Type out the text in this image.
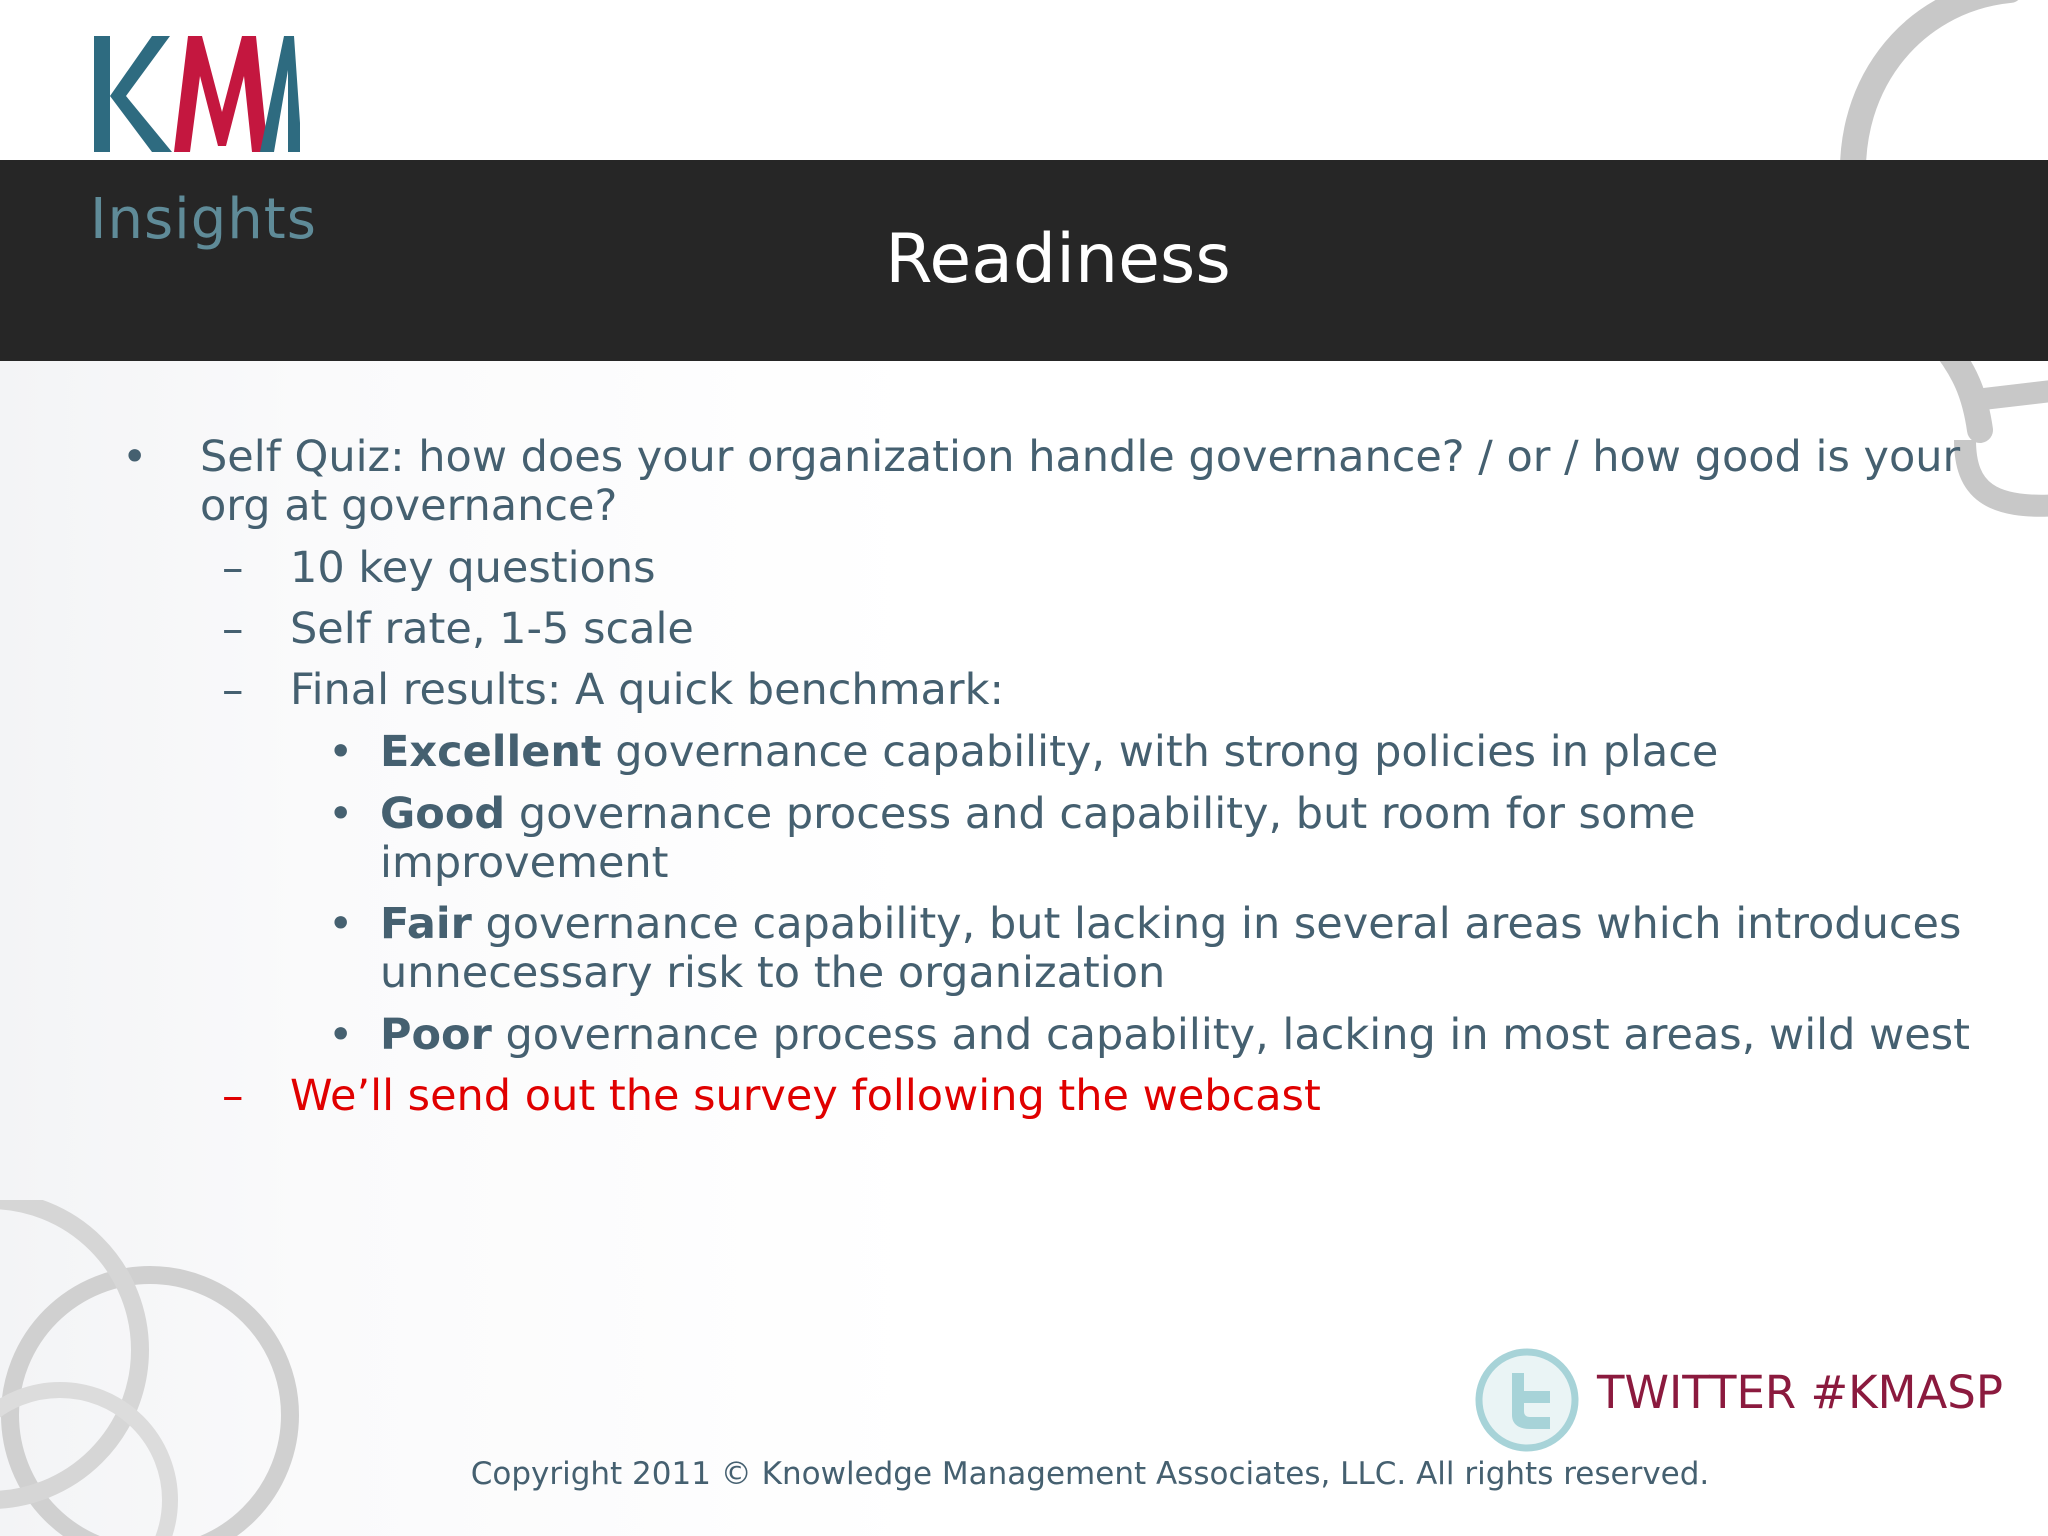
Readiness
Insights
• Self Quiz: how does your organization handle governance? / or / how good is your
org at governance?
– 10 key questions
– Self rate, 1-5 scale
– Final results: A quick benchmark:
• Excellent governance capability, with strong policies in place
• Good governance process and capability, but room for some
improvement
• Fair governance capability, but lacking in several areas which introduces
unnecessary risk to the organization
• Poor governance process and capability, lacking in most areas, wild west
– We’ll send out the survey following the webcast
TWITTER #KMASP
Copyright 2011 © Knowledge Management Associates, LLC. All rights reserved.
